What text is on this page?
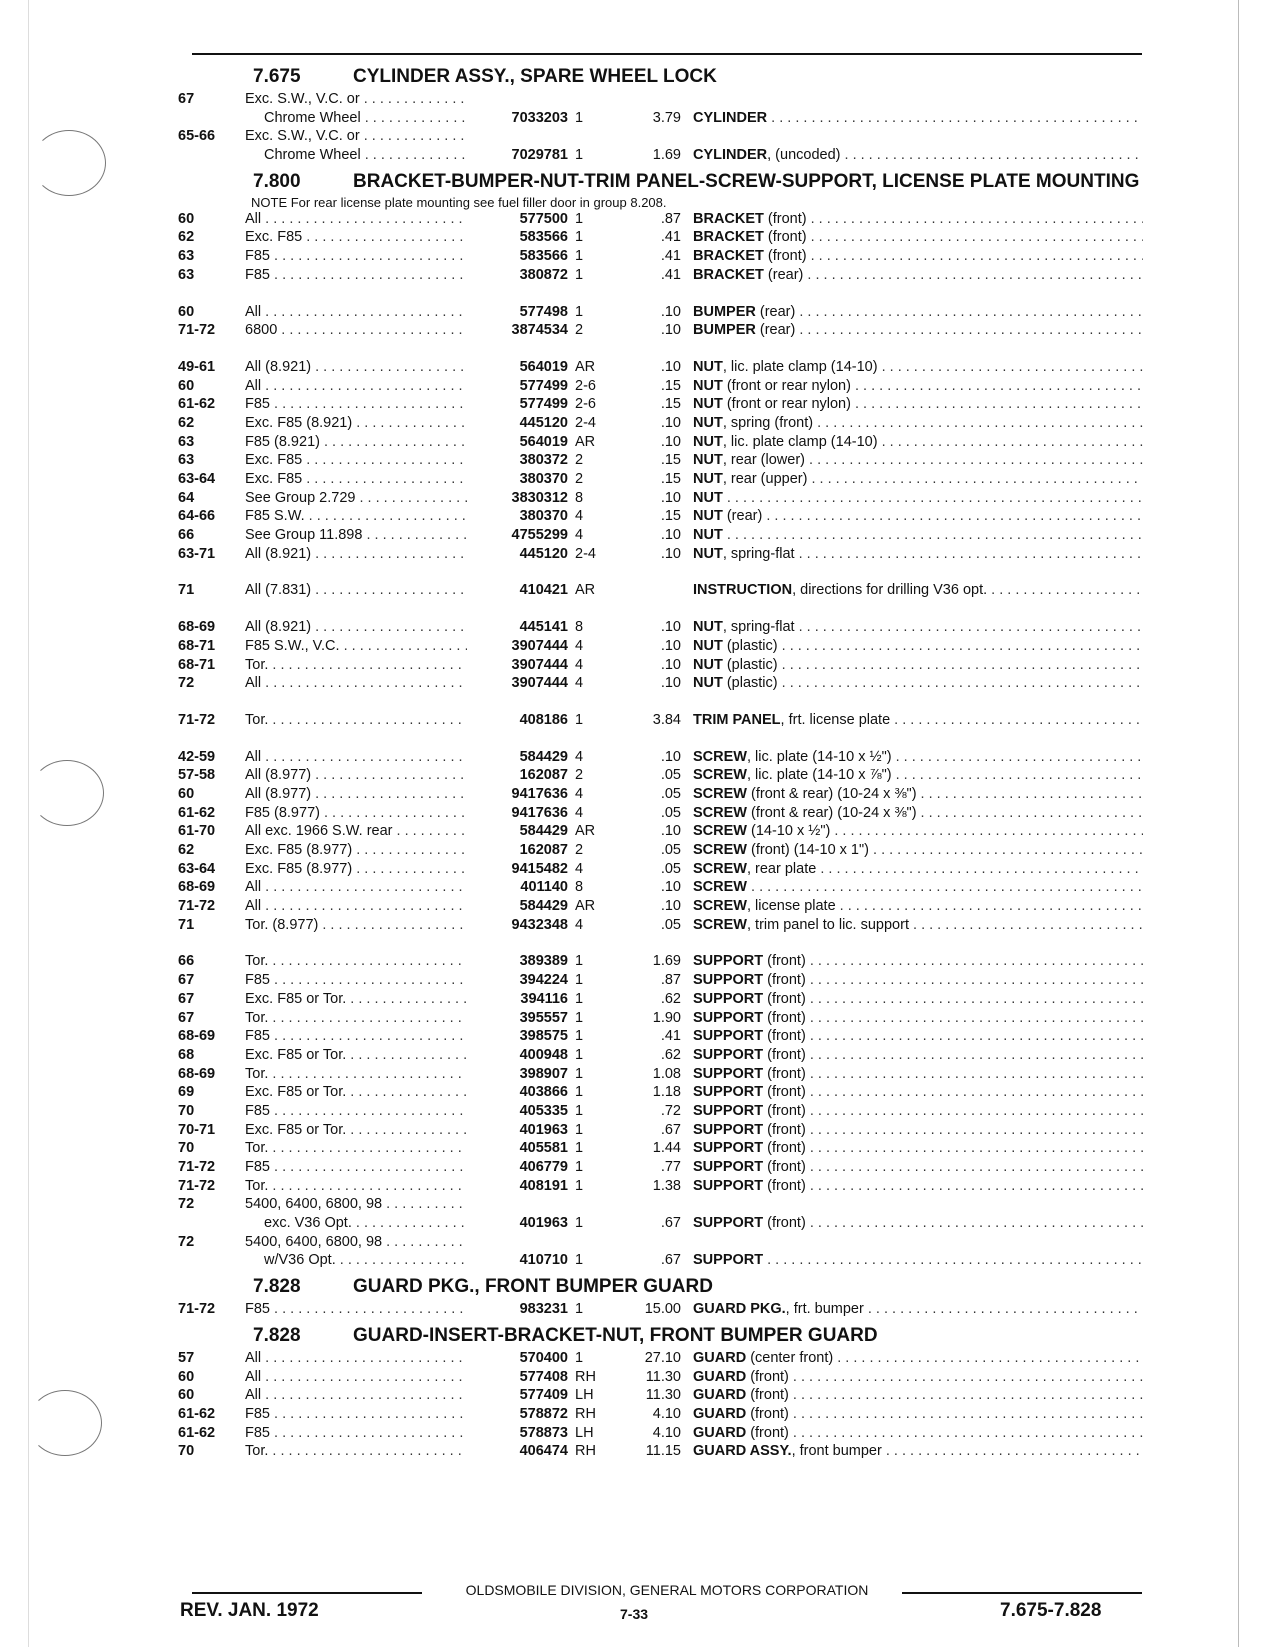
7.675	CYLINDER ASSY., SPARE WHEEL LOCK
67	Exc. S.W., V.C. or . . .
Chrome Wheel . . .	7033203 1	3.79 CYLINDER . . .
65-66	Exc. S.W., V.C. or . . .
Chrome Wheel . . .	7029781 1	1.69 CYLINDER, (uncoded) . . .
7.800	BRACKET-BUMPER-NUT-TRIM PANEL-SCREW-SUPPORT, LICENSE PLATE MOUNTING
NOTE For rear license plate mounting see fuel filler door in group 8.208.
60	All . . .	577500 1	.87 BRACKET (front) . . .
62	Exc. F85 . . .	583566 1	.41 BRACKET (front) . . .
63	F85 . . .	583566 1	.41 BRACKET (front) . . .
63	F85 . . .	380872 1	.41 BRACKET (rear) . . .
60	All . . .	577498 1	.10 BUMPER (rear) . . .
71-72	6800 . . .	3874534 2	.10 BUMPER (rear) . . .
49-61	All (8.921) . . .	564019 AR	.10 NUT, lic. plate clamp (14-10) . . .
60	All . . .	577499 2-6	.15 NUT (front or rear nylon) . . .
61-62	F85 . . .	577499 2-6	.15 NUT (front or rear nylon) . . .
62	Exc. F85 (8.921) . . .	445120 2-4	.10 NUT, spring (front) . . .
63	F85 (8.921) . . .	564019 AR	.10 NUT, lic. plate clamp (14-10) . . .
63	Exc. F85 . . .	380372 2	.15 NUT, rear (lower) . . .
63-64	Exc. F85 . . .	380370 2	.15 NUT, rear (upper) . . .
64	See Group 2.729 . . .	3830312 8	.10 NUT . . .
64-66	F85 S.W. . . .	380370 4	.15 NUT (rear) . . .
66	See Group 11.898 . . .	4755299 4	.10 NUT . . .
63-71	All (8.921) . . .	445120 2-4	.10 NUT, spring-flat . . .
71	All (7.831) . . .	410421 AR	INSTRUCTION, directions for drilling V36 opt. . . .
68-69	All (8.921) . . .	445141 8	.10 NUT, spring-flat . . .
68-71	F85 S.W., V.C. . . .	3907444 4	.10 NUT (plastic) . . .
68-71	Tor. . . .	3907444 4	.10 NUT (plastic) . . .
72	All . . .	3907444 4	.10 NUT (plastic) . . .
71-72	Tor. . . .	408186 1	3.84 TRIM PANEL, frt. license plate . . .
42-59	All . . .	584429 4	.10 SCREW, lic. plate (14-10 x ½") . . .
57-58	All (8.977) . . .	162087 2	.05 SCREW, lic. plate (14-10 x ⅞") . . .
60	All (8.977) . . .	9417636 4	.05 SCREW (front & rear) (10-24 x ⅜") . . .
61-62	F85 (8.977) . . .	9417636 4	.05 SCREW (front & rear) (10-24 x ⅜") . . .
61-70	All exc. 1966 S.W. rear . . .	584429 AR	.10 SCREW (14-10 x ½") . . .
62	Exc. F85 (8.977) . . .	162087 2	.05 SCREW (front) (14-10 x 1") . . .
63-64	Exc. F85 (8.977) . . .	9415482 4	.05 SCREW, rear plate . . .
68-69	All . . .	401140 8	.10 SCREW . . .
71-72	All . . .	584429 AR	.10 SCREW, license plate . . .
71	Tor. (8.977) . . .	9432348 4	.05 SCREW, trim panel to lic. support . . .
66	Tor. . . .	389389 1	1.69 SUPPORT (front) . . .
67	F85 . . .	394224 1	.87 SUPPORT (front) . . .
67	Exc. F85 or Tor. . . .	394116 1	.62 SUPPORT (front) . . .
67	Tor. . . .	395557 1	1.90 SUPPORT (front) . . .
68-69	F85 . . .	398575 1	.41 SUPPORT (front) . . .
68	Exc. F85 or Tor. . . .	400948 1	.62 SUPPORT (front) . . .
68-69	Tor. . . .	398907 1	1.08 SUPPORT (front) . . .
69	Exc. F85 or Tor. . . .	403866 1	1.18 SUPPORT (front) . . .
70	F85 . . .	405335 1	.72 SUPPORT (front) . . .
70-71	Exc. F85 or Tor. . . .	401963 1	.67 SUPPORT (front) . . .
70	Tor. . . .	405581 1	1.44 SUPPORT (front) . . .
71-72	F85 . . .	406779 1	.77 SUPPORT (front) . . .
71-72	Tor. . . .	408191 1	1.38 SUPPORT (front) . . .
72	5400, 6400, 6800, 98 . . .
exc. V36 Opt. . . .	401963 1	.67 SUPPORT (front) . . .
72	5400, 6400, 6800, 98 . . .
w/V36 Opt. . . .	410710 1	.67 SUPPORT . . .
7.828	GUARD PKG., FRONT BUMPER GUARD
71-72	F85 . . .	983231 1	15.00 GUARD PKG., frt. bumper . . .
7.828	GUARD-INSERT-BRACKET-NUT, FRONT BUMPER GUARD
57	All . . .	570400 1	27.10 GUARD (center front) . . .
60	All . . .	577408 RH	11.30 GUARD (front) . . .
60	All . . .	577409 LH	11.30 GUARD (front) . . .
61-62	F85 . . .	578872 RH	4.10 GUARD (front) . . .
61-62	F85 . . .	578873 LH	4.10 GUARD (front) . . .
70	Tor. . . .	406474 RH	11.15 GUARD ASSY., front bumper . . .
OLDSMOBILE DIVISION, GENERAL MOTORS CORPORATION
REV. JAN. 1972	7-33	7.675-7.828
